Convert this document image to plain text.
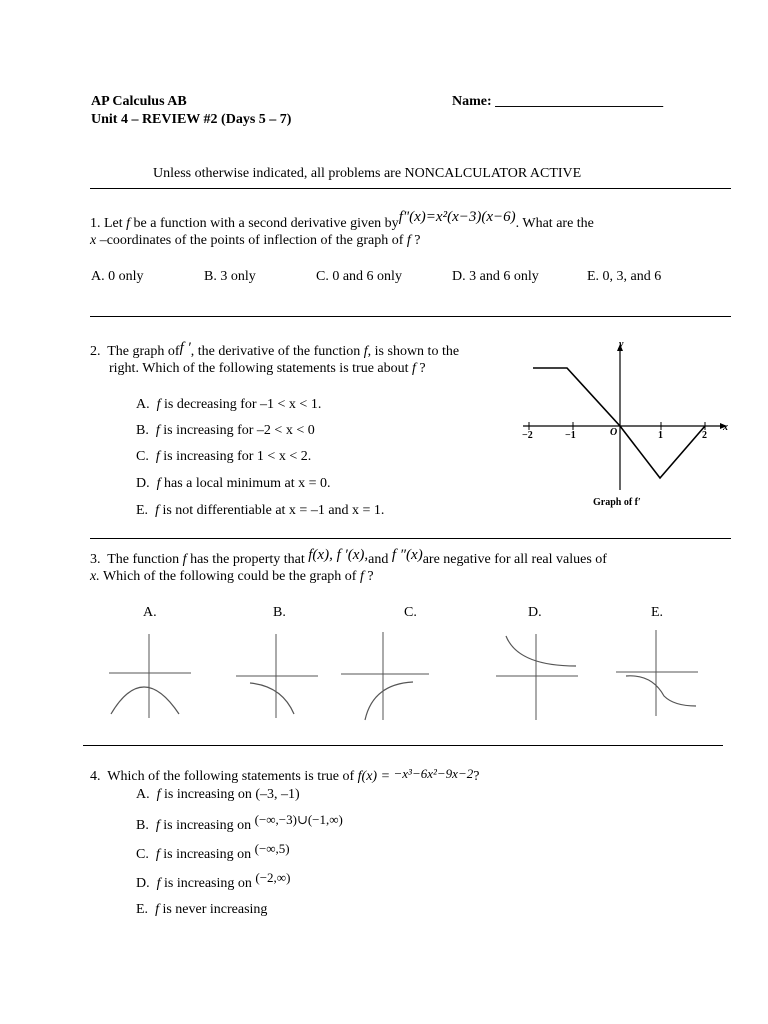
AP Calculus AB
Unit 4 – REVIEW #2 (Days 5 – 7)
Name: ________________________
Unless otherwise indicated, all problems are NONCALCULATOR ACTIVE
1. Let f be a function with a second derivative given byf"(x)=x²(x−3)(x−6). What are the
x –coordinates of the points of inflection of the graph of f ?
A. 0 only	B. 3 only	C. 0 and 6 only	D. 3 and 6 only	E. 0, 3, and 6
2. The graph off ′, the derivative of the function f, is shown to the
right. Which of the following statements is true about f ?
A. f is decreasing for –1 < x < 1.
B. f is increasing for –2 < x < 0
C. f is increasing for 1 < x < 2.
D. f has a local minimum at x = 0.
E. f is not differentiable at x = –1 and x = 1.
y
x
−2	−1	O	1	2
Graph of f′
3. The function f has the property that f(x), f ′(x),and f ″(x)are negative for all real values of
x. Which of the following could be the graph of f ?
A.	B.	C.	D.	E.
4. Which of the following statements is true of f(x) = −x³−6x²−9x−2?
A. f is increasing on (–3, –1)
B. f is increasing on (−∞,−3)∪(−1,∞)
C. f is increasing on (−∞,5)
D. f is increasing on (−2,∞)
E. f is never increasing
